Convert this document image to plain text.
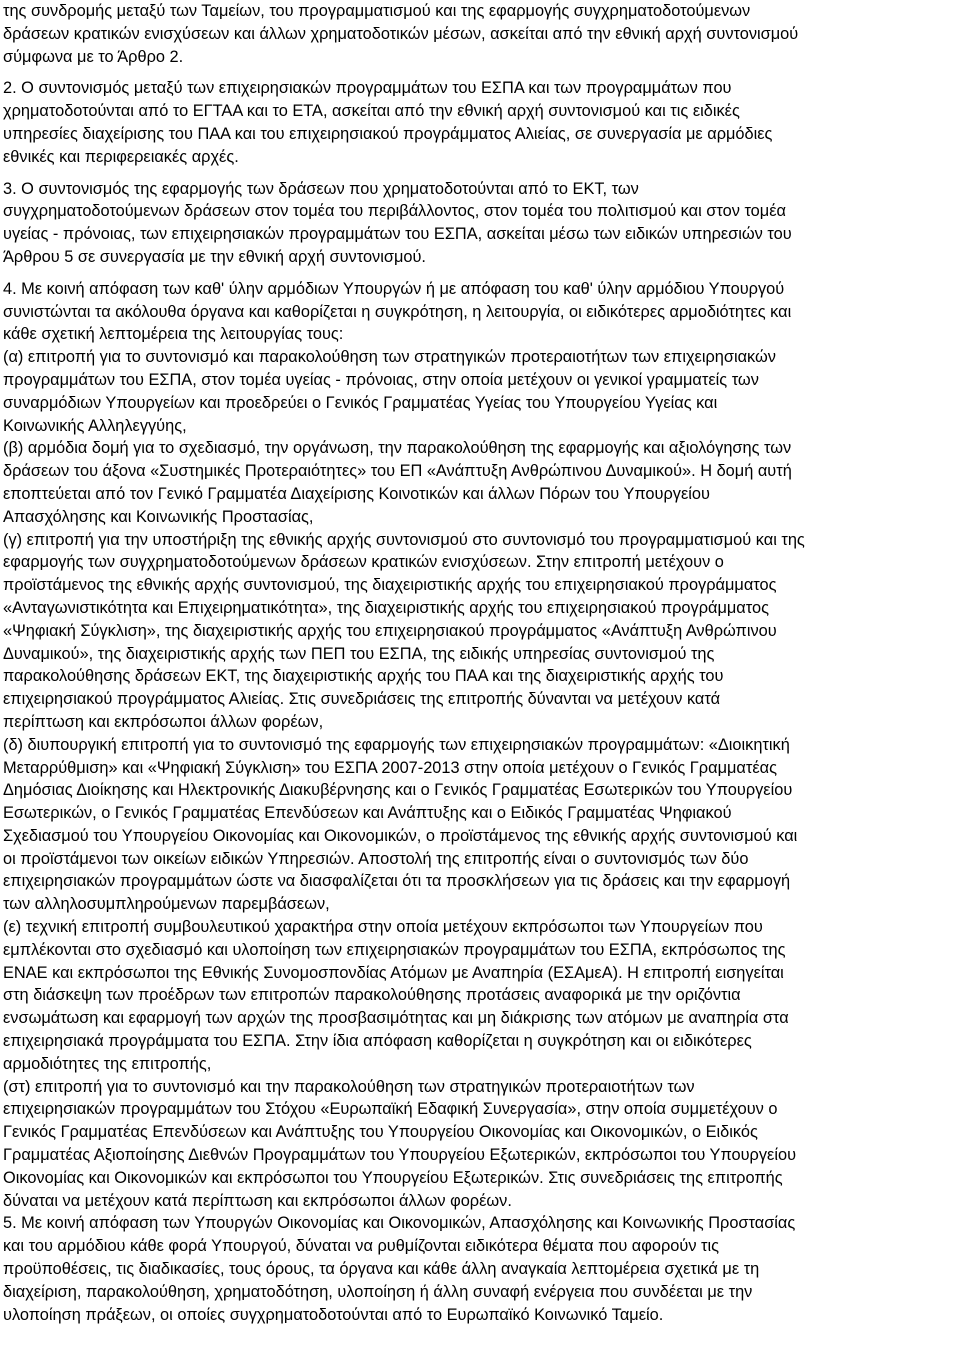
της συνδρομής μεταξύ των Ταμείων, του προγραμματισμού και της εφαρμογής συγχρηματοδοτούμενων
δράσεων κρατικών ενισχύσεων και άλλων χρηματοδοτικών μέσων, ασκείται από την εθνική αρχή συντονισμού
σύμφωνα με το Άρθρο 2.
2. Ο συντονισμός μεταξύ των επιχειρησιακών προγραμμάτων του ΕΣΠΑ και των προγραμμάτων που
χρηματοδοτούνται από το ΕΓΤΑΑ και το ΕΤΑ, ασκείται από την εθνική αρχή συντονισμού και τις ειδικές
υπηρεσίες διαχείρισης του ΠΑΑ και του επιχειρησιακού προγράμματος Αλιείας, σε συνεργασία με αρμόδιες
εθνικές και περιφερειακές αρχές.
3. Ο συντονισμός της εφαρμογής των δράσεων που χρηματοδοτούνται από το ΕΚΤ, των
συγχρηματοδοτούμενων δράσεων στον τομέα του περιβάλλοντος, στον τομέα του πολιτισμού και στον τομέα
υγείας - πρόνοιας, των επιχειρησιακών προγραμμάτων του ΕΣΠΑ, ασκείται μέσω των ειδικών υπηρεσιών του
Άρθρου 5 σε συνεργασία με την εθνική αρχή συντονισμού.
4. Με κοινή απόφαση των καθ' ύλην αρμόδιων Υπουργών ή με απόφαση του καθ' ύλην αρμόδιου Υπουργού
συνιστώνται τα ακόλουθα όργανα και καθορίζεται η συγκρότηση, η λειτουργία, οι ειδικότερες αρμοδιότητες και
κάθε σχετική λεπτομέρεια της λειτουργίας τους:
(α) επιτροπή για το συντονισμό και παρακολούθηση των στρατηγικών προτεραιοτήτων των επιχειρησιακών
προγραμμάτων του ΕΣΠΑ, στον τομέα υγείας - πρόνοιας, στην οποία μετέχουν οι γενικοί γραμματείς των
συναρμόδιων Υπουργείων και προεδρεύει ο Γενικός Γραμματέας Υγείας του Υπουργείου Υγείας και
Κοινωνικής Αλληλεγγύης,
(β) αρμόδια δομή για το σχεδιασμό, την οργάνωση, την παρακολούθηση της εφαρμογής και αξιολόγησης των
δράσεων του άξονα «Συστημικές Προτεραιότητες» του ΕΠ «Ανάπτυξη Ανθρώπινου Δυναμικού». Η δομή αυτή
εποπτεύεται από τον Γενικό Γραμματέα Διαχείρισης Κοινοτικών και άλλων Πόρων του Υπουργείου
Απασχόλησης και Κοινωνικής Προστασίας,
(γ) επιτροπή για την υποστήριξη της εθνικής αρχής συντονισμού στο συντονισμό του προγραμματισμού και της
εφαρμογής των συγχρηματοδοτούμενων δράσεων κρατικών ενισχύσεων. Στην επιτροπή μετέχουν ο
προϊστάμενος της εθνικής αρχής συντονισμού, της διαχειριστικής αρχής του επιχειρησιακού προγράμματος
«Ανταγωνιστικότητα και Επιχειρηματικότητα», της διαχειριστικής αρχής του επιχειρησιακού προγράμματος
«Ψηφιακή Σύγκλιση», της διαχειριστικής αρχής του επιχειρησιακού προγράμματος «Ανάπτυξη Ανθρώπινου
Δυναμικού», της διαχειριστικής αρχής των ΠΕΠ του ΕΣΠΑ, της ειδικής υπηρεσίας συντονισμού της
παρακολούθησης δράσεων ΕΚΤ, της διαχειριστικής αρχής του ΠΑΑ και της διαχειριστικής αρχής του
επιχειρησιακού προγράμματος Αλιείας. Στις συνεδριάσεις της επιτροπής δύνανται να μετέχουν κατά
περίπτωση και εκπρόσωποι άλλων φορέων,
(δ) διυπουργική επιτροπή για το συντονισμό της εφαρμογής των επιχειρησιακών προγραμμάτων: «Διοικητική
Μεταρρύθμιση» και «Ψηφιακή Σύγκλιση» του ΕΣΠΑ 2007-2013 στην οποία μετέχουν ο Γενικός Γραμματέας
Δημόσιας Διοίκησης και Ηλεκτρονικής Διακυβέρνησης και ο Γενικός Γραμματέας Εσωτερικών του Υπουργείου
Εσωτερικών, ο Γενικός Γραμματέας Επενδύσεων και Ανάπτυξης και ο Ειδικός Γραμματέας Ψηφιακού
Σχεδιασμού του Υπουργείου Οικονομίας και Οικονομικών, ο προϊστάμενος της εθνικής αρχής συντονισμού και
οι προϊστάμενοι των οικείων ειδικών Υπηρεσιών. Αποστολή της επιτροπής είναι ο συντονισμός των δύο
επιχειρησιακών προγραμμάτων ώστε να διασφαλίζεται ότι τα προσκλήσεων για τις δράσεις και την εφαρμογή
των αλληλοσυμπληρούμενων παρεμβάσεων,
(ε) τεχνική επιτροπή συμβουλευτικού χαρακτήρα στην οποία μετέχουν εκπρόσωποι των Υπουργείων που
εμπλέκονται στο σχεδιασμό και υλοποίηση των επιχειρησιακών προγραμμάτων του ΕΣΠΑ, εκπρόσωπος της
ΕΝΑΕ και εκπρόσωποι της Εθνικής Συνομοσπονδίας Ατόμων με Αναπηρία (ΕΣΑμεΑ). Η επιτροπή εισηγείται
στη διάσκεψη των προέδρων των επιτροπών παρακολούθησης προτάσεις αναφορικά με την οριζόντια
ενσωμάτωση και εφαρμογή των αρχών της προσβασιμότητας και μη διάκρισης των ατόμων με αναπηρία στα
επιχειρησιακά προγράμματα του ΕΣΠΑ. Στην ίδια απόφαση καθορίζεται η συγκρότηση και οι ειδικότερες
αρμοδιότητες της επιτροπής,
(στ) επιτροπή για το συντονισμό και την παρακολούθηση των στρατηγικών προτεραιοτήτων των
επιχειρησιακών προγραμμάτων του Στόχου «Ευρωπαϊκή Εδαφική Συνεργασία», στην οποία συμμετέχουν ο
Γενικός Γραμματέας Επενδύσεων και Ανάπτυξης του Υπουργείου Οικονομίας και Οικονομικών, ο Ειδικός
Γραμματέας Αξιοποίησης Διεθνών Προγραμμάτων του Υπουργείου Εξωτερικών, εκπρόσωποι του Υπουργείου
Οικονομίας και Οικονομικών και εκπρόσωποι του Υπουργείου Εξωτερικών. Στις συνεδριάσεις της επιτροπής
δύναται να μετέχουν κατά περίπτωση και εκπρόσωποι άλλων φορέων.
5. Με κοινή απόφαση των Υπουργών Οικονομίας και Οικονομικών, Απασχόλησης και Κοινωνικής Προστασίας
και του αρμόδιου κάθε φορά Υπουργού, δύναται να ρυθμίζονται ειδικότερα θέματα που αφορούν τις
προϋποθέσεις, τις διαδικασίες, τους όρους, τα όργανα και κάθε άλλη αναγκαία λεπτομέρεια σχετικά με τη
διαχείριση, παρακολούθηση, χρηματοδότηση, υλοποίηση ή άλλη συναφή ενέργεια που συνδέεται με την
υλοποίηση πράξεων, οι οποίες συγχρηματοδοτούνται από το Ευρωπαϊκό Κοινωνικό Ταμείο.
